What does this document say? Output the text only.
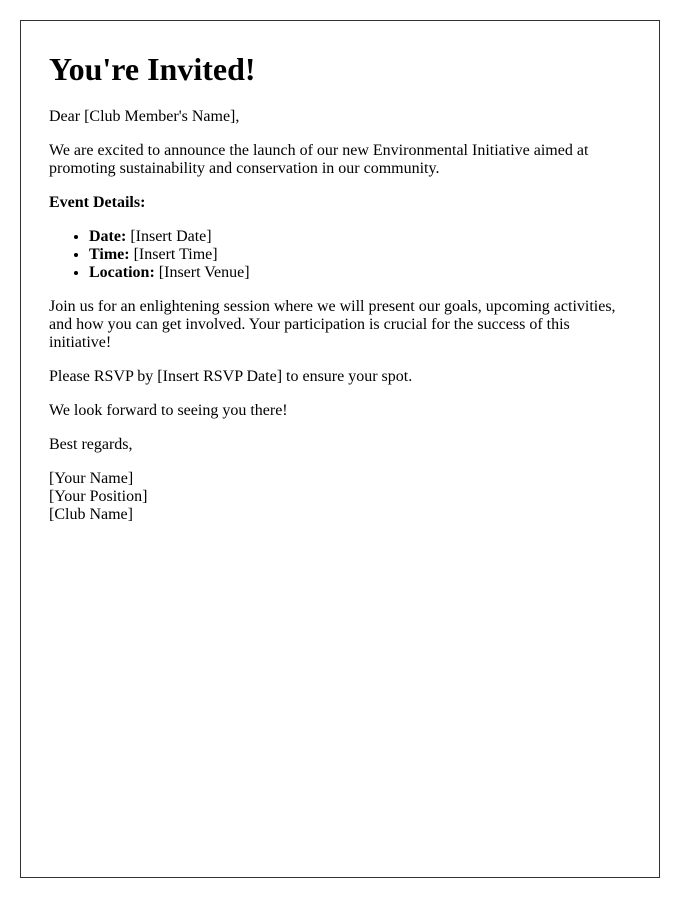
You're Invited!

Dear [Club Member's Name],

We are excited to announce the launch of our new Environmental Initiative aimed at promoting sustainability and conservation in our community.

Event Details:

• Date: [Insert Date]
• Time: [Insert Time]
• Location: [Insert Venue]

Join us for an enlightening session where we will present our goals, upcoming activities, and how you can get involved. Your participation is crucial for the success of this initiative!

Please RSVP by [Insert RSVP Date] to ensure your spot.

We look forward to seeing you there!

Best regards,

[Your Name]
[Your Position]
[Club Name]
